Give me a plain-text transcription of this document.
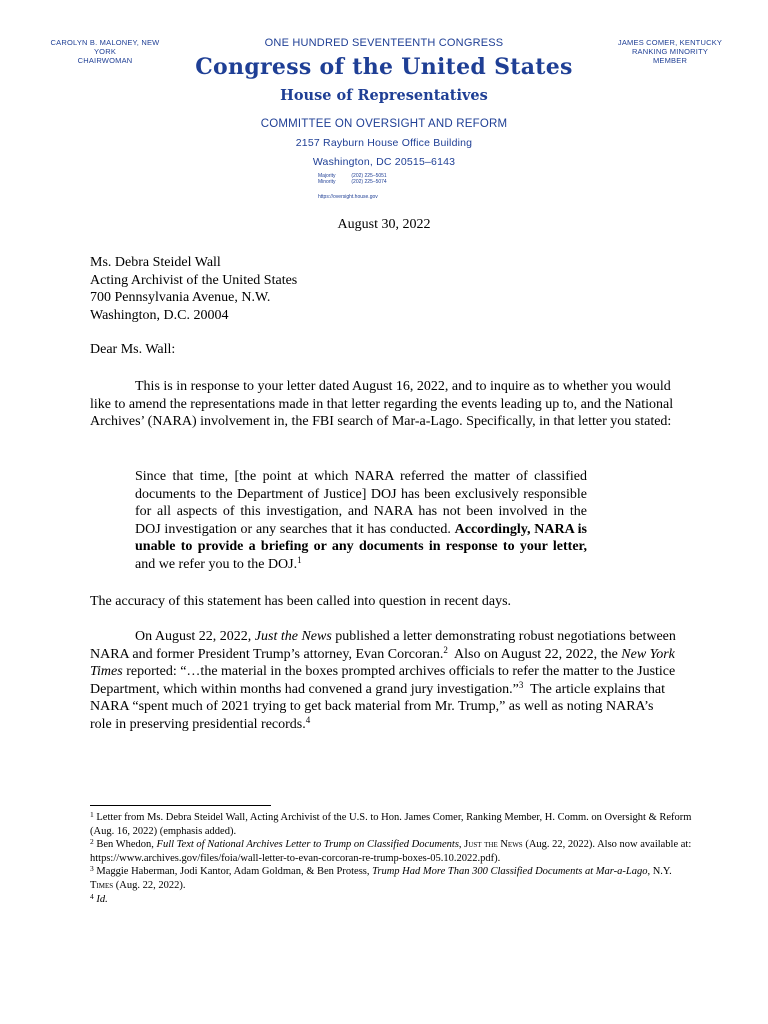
CAROLYN B. MALONEY, NEW YORK
CHAIRWOMAN
JAMES COMER, KENTUCKY
RANKING MINORITY MEMBER
ONE HUNDRED SEVENTEENTH CONGRESS
Congress of the United States
House of Representatives
COMMITTEE ON OVERSIGHT AND REFORM
2157 Rayburn House Office Building
Washington, DC 20515–6143
Majority	(202) 225–5051
Minority	(202) 225–5074
https://oversight.house.gov
August 30, 2022
Ms. Debra Steidel Wall
Acting Archivist of the United States
700 Pennsylvania Avenue, N.W.
Washington, D.C. 20004
Dear Ms. Wall:
This is in response to your letter dated August 16, 2022, and to inquire as to whether you would like to amend the representations made in that letter regarding the events leading up to, and the National Archives’ (NARA) involvement in, the FBI search of Mar-a-Lago. Specifically, in that letter you stated:
Since that time, [the point at which NARA referred the matter of classified documents to the Department of Justice] DOJ has been exclusively responsible for all aspects of this investigation, and NARA has not been involved in the DOJ investigation or any searches that it has conducted. Accordingly, NARA is unable to provide a briefing or any documents in response to your letter, and we refer you to the DOJ.$^1$
The accuracy of this statement has been called into question in recent days.
On August 22, 2022, Just the News published a letter demonstrating robust negotiations between NARA and former President Trump’s attorney, Evan Corcoran.$^2$  Also on August 22, 2022, the New York Times reported: “…the material in the boxes prompted archives officials to refer the matter to the Justice Department, which within months had convened a grand jury investigation.”$^3$  The article explains that NARA “spent much of 2021 trying to get back material from Mr. Trump,” as well as noting NARA’s role in preserving presidential records.$^4$

$^1$ Letter from Ms. Debra Steidel Wall, Acting Archivist of the U.S. to Hon. James Comer, Ranking Member, H. Comm. on Oversight & Reform (Aug. 16, 2022) (emphasis added).

$^2$ Ben Whedon, Full Text of National Archives Letter to Trump on Classified Documents, Just the News (Aug. 22, 2022). Also now available at: https://www.archives.gov/files/foia/wall-letter-to-evan-corcoran-re-trump-boxes-05.10.2022.pdf).

$^3$ Maggie Haberman, Jodi Kantor, Adam Goldman, & Ben Protess, Trump Had More Than 300 Classified Documents at Mar-a-Lago, N.Y. Times (Aug. 22, 2022).

$^4$ Id.
